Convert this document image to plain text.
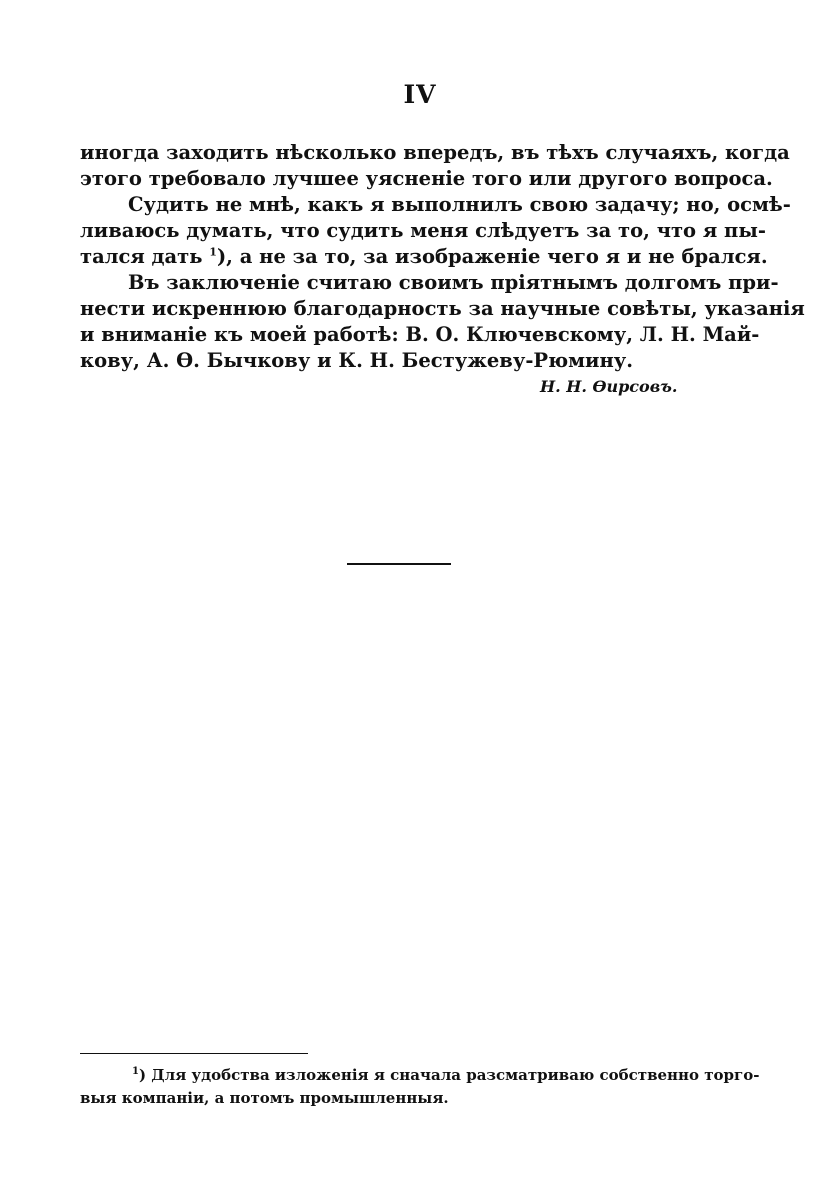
IV
иногда заходить нѣсколько впередъ, въ тѣхъ случаяхъ, когда
этого требовало лучшее уясненіе того или другого вопроса.
Судить не мнѣ, какъ я выполнилъ свою задачу; но, осмѣ-
ливаюсь думать, что судить меня слѣдуетъ за то, что я пы-
тался дать $^1$), а не за то, за изображеніе чего я и не брался.
Въ заключеніе считаю своимъ пріятнымъ долгомъ при-
нести искреннюю благодарность за научные совѣты, указанія
и вниманіе къ моей работѣ: В. О. Ключевскому, Л. Н. Май-
кову, А. Ѳ. Бычкову и К. Н. Бестужеву-Рюмину.
Н. Н. Ѳирсовъ.
$^1$) Для удобства изложенія я сначала разсматриваю собственно торго-
выя компаніи, а потомъ промышленныя.
